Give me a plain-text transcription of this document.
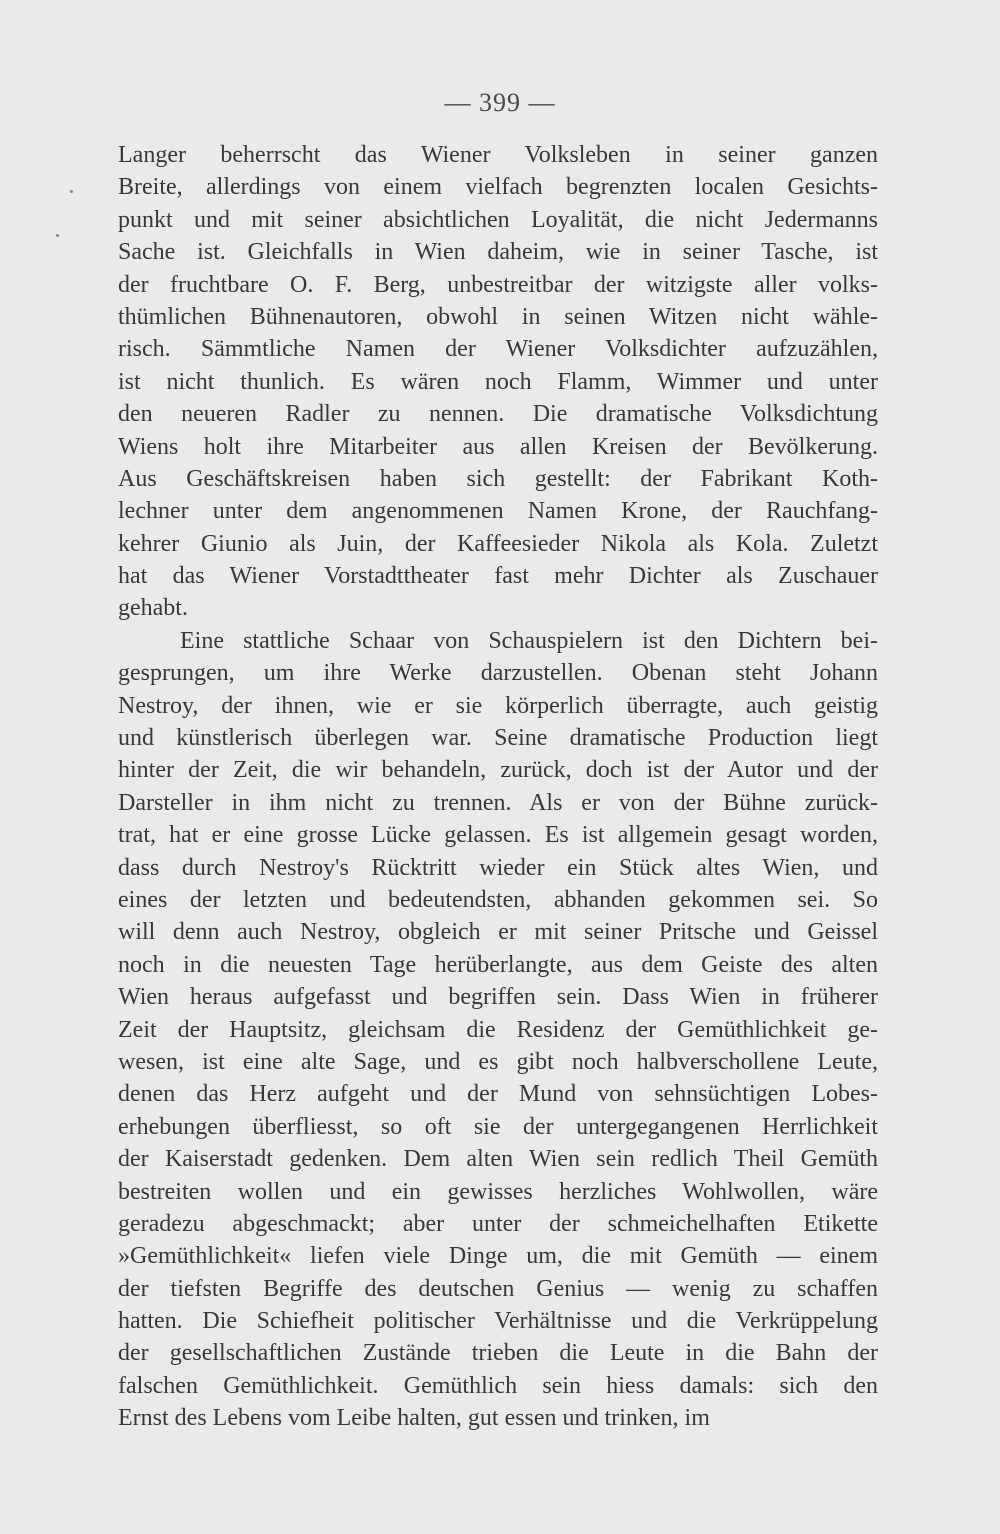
— 399 —
Langer beherrscht das Wiener Volksleben in seiner ganzen
Breite, allerdings von einem vielfach begrenzten localen Gesichts-
punkt und mit seiner absichtlichen Loyalität, die nicht Jedermanns
Sache ist. Gleichfalls in Wien daheim, wie in seiner Tasche, ist
der fruchtbare O. F. Berg, unbestreitbar der witzigste aller volks-
thümlichen Bühnenautoren, obwohl in seinen Witzen nicht wähle-
risch. Sämmtliche Namen der Wiener Volksdichter aufzuzählen,
ist nicht thunlich. Es wären noch Flamm, Wimmer und unter
den neueren Radler zu nennen. Die dramatische Volksdichtung
Wiens holt ihre Mitarbeiter aus allen Kreisen der Bevölkerung.
Aus Geschäftskreisen haben sich gestellt: der Fabrikant Koth-
lechner unter dem angenommenen Namen Krone, der Rauchfang-
kehrer Giunio als Juin, der Kaffeesieder Nikola als Kola. Zuletzt
hat das Wiener Vorstadttheater fast mehr Dichter als Zuschauer
gehabt.
Eine stattliche Schaar von Schauspielern ist den Dichtern bei-
gesprungen, um ihre Werke darzustellen. Obenan steht Johann
Nestroy, der ihnen, wie er sie körperlich überragte, auch geistig
und künstlerisch überlegen war. Seine dramatische Production liegt
hinter der Zeit, die wir behandeln, zurück, doch ist der Autor und der
Darsteller in ihm nicht zu trennen. Als er von der Bühne zurück-
trat, hat er eine grosse Lücke gelassen. Es ist allgemein gesagt worden,
dass durch Nestroy's Rücktritt wieder ein Stück altes Wien, und
eines der letzten und bedeutendsten, abhanden gekommen sei. So
will denn auch Nestroy, obgleich er mit seiner Pritsche und Geissel
noch in die neuesten Tage herüberlangte, aus dem Geiste des alten
Wien heraus aufgefasst und begriffen sein. Dass Wien in früherer
Zeit der Hauptsitz, gleichsam die Residenz der Gemüthlichkeit ge-
wesen, ist eine alte Sage, und es gibt noch halbverschollene Leute,
denen das Herz aufgeht und der Mund von sehnsüchtigen Lobes-
erhebungen überfliesst, so oft sie der untergegangenen Herrlichkeit
der Kaiserstadt gedenken. Dem alten Wien sein redlich Theil Gemüth
bestreiten wollen und ein gewisses herzliches Wohlwollen, wäre
geradezu abgeschmackt; aber unter der schmeichelhaften Etikette
»Gemüthlichkeit« liefen viele Dinge um, die mit Gemüth — einem
der tiefsten Begriffe des deutschen Genius — wenig zu schaffen
hatten. Die Schiefheit politischer Verhältnisse und die Verkrüppelung
der gesellschaftlichen Zustände trieben die Leute in die Bahn der
falschen Gemüthlichkeit. Gemüthlich sein hiess damals: sich den
Ernst des Lebens vom Leibe halten, gut essen und trinken, im
